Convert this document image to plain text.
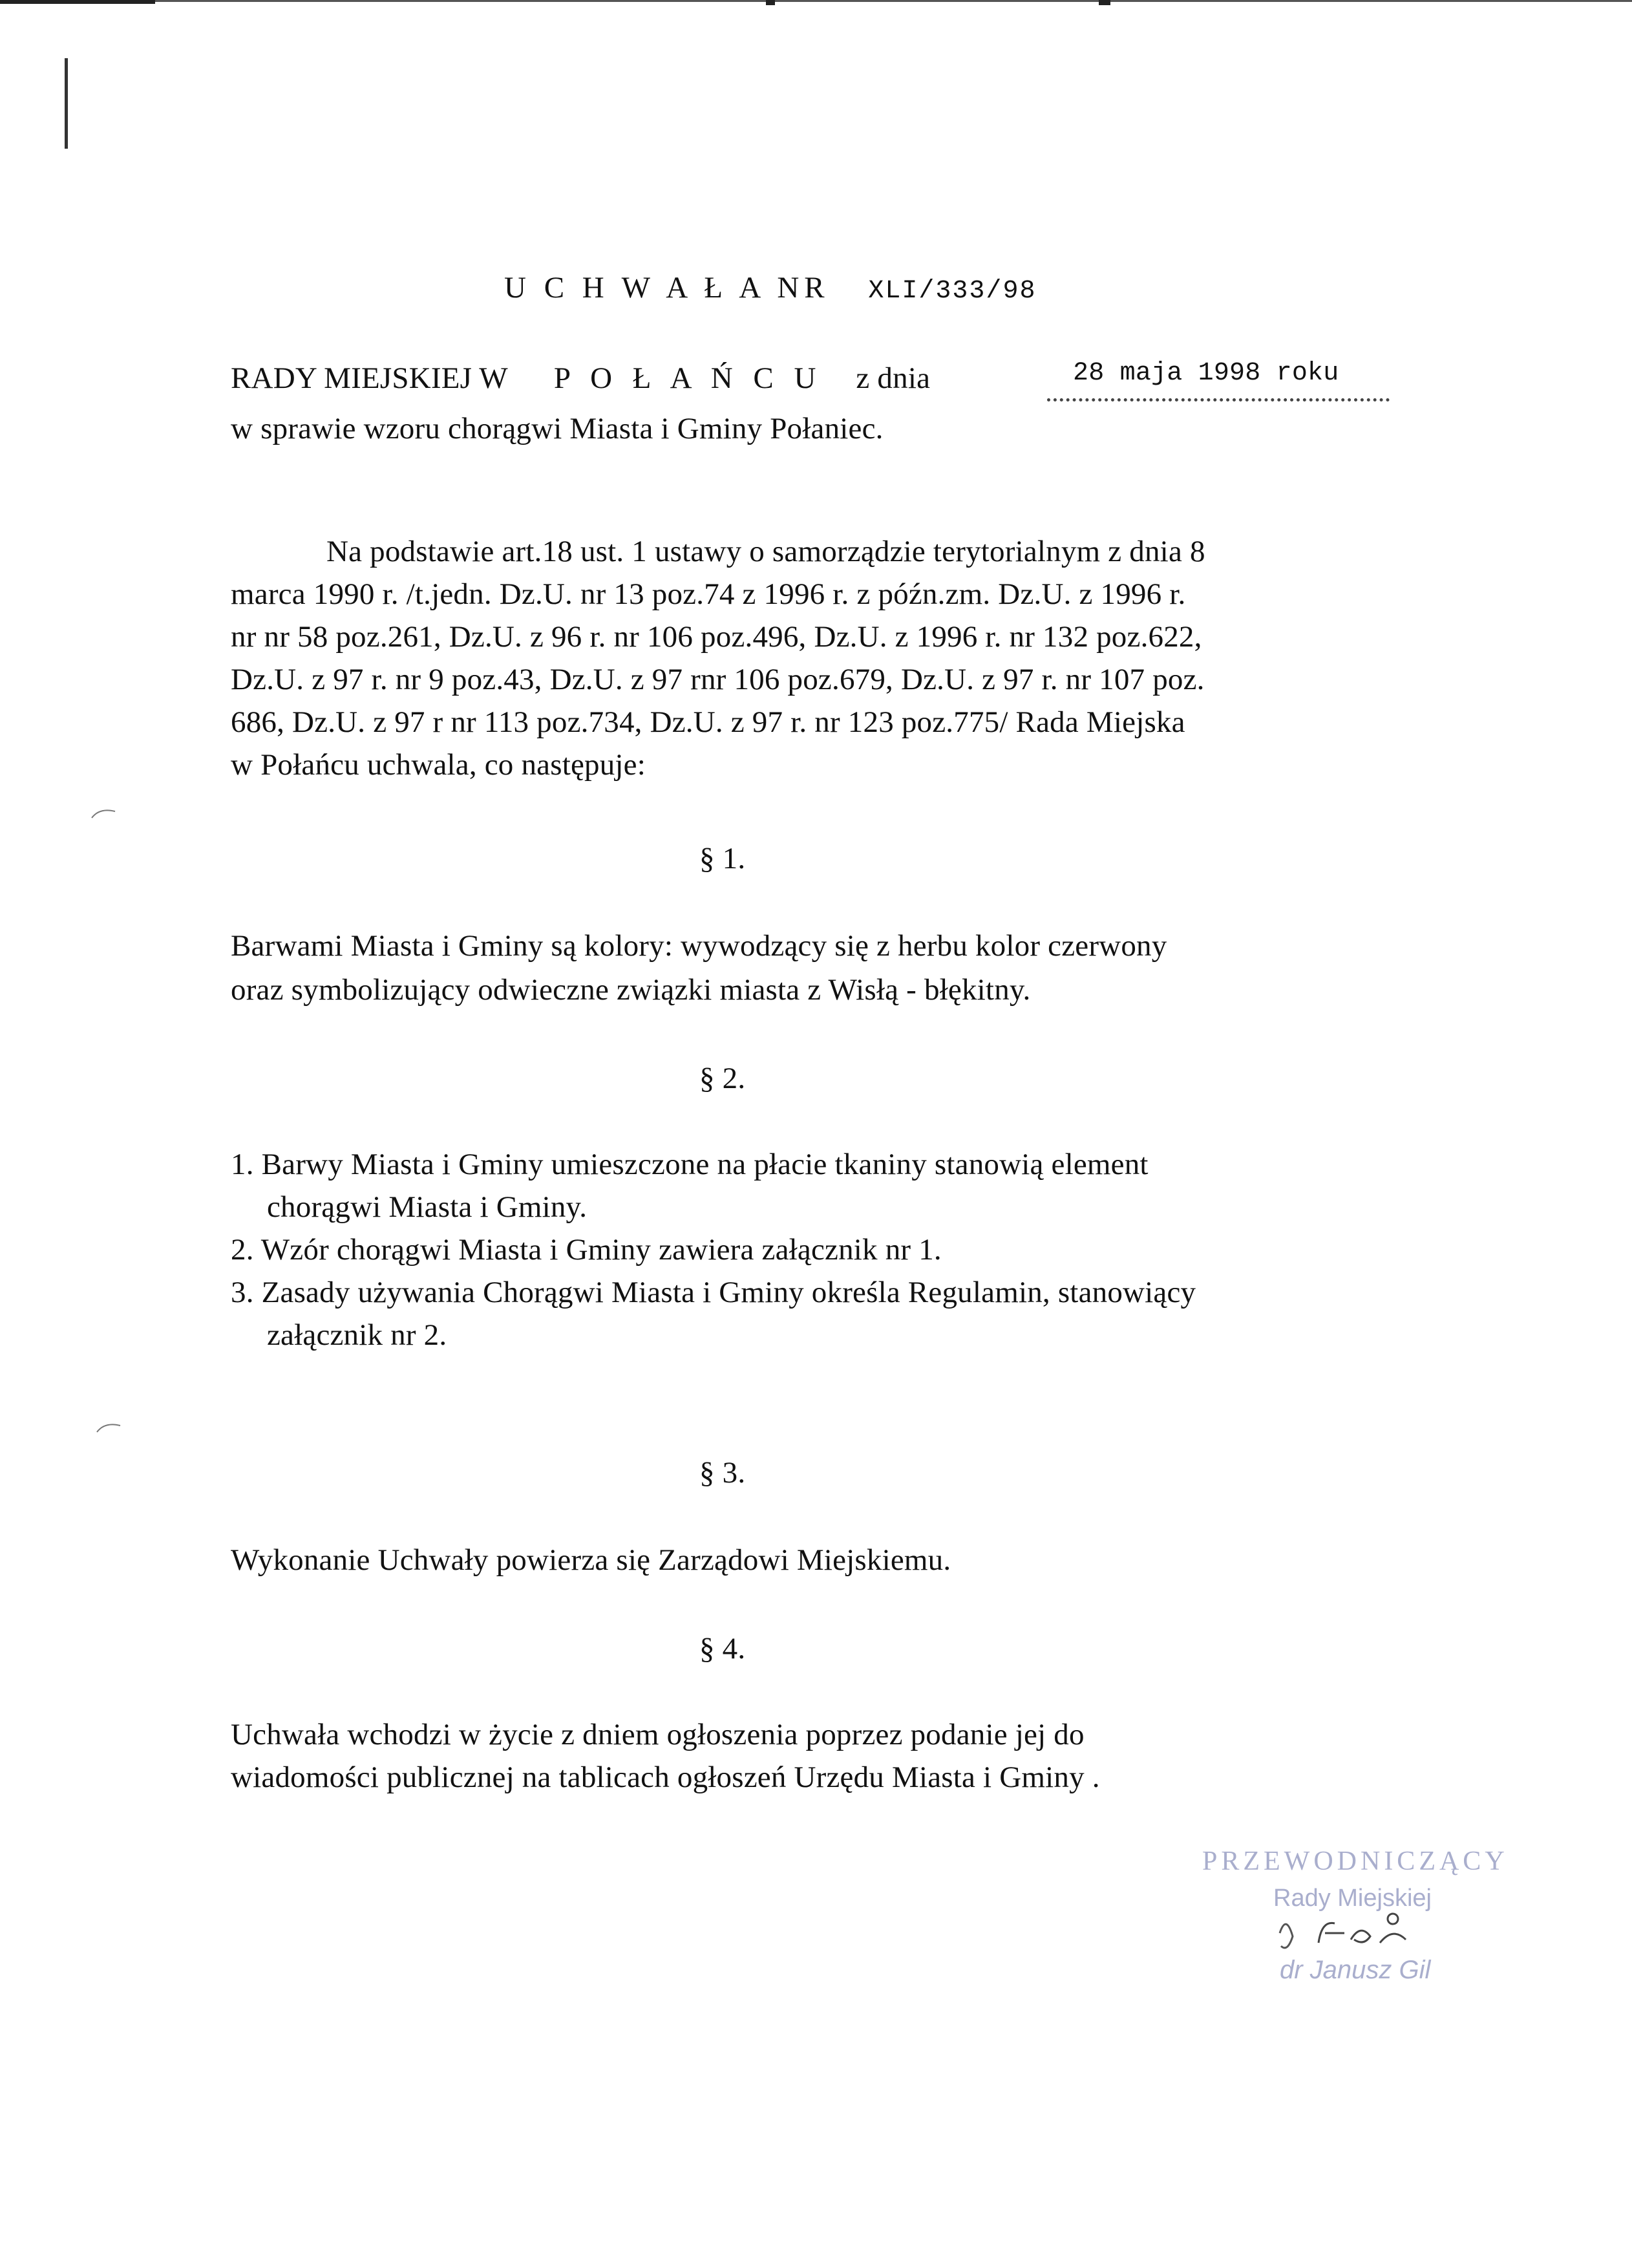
U C H W A Ł A NR XLI/333/98
RADY MIEJSKIEJ W P O Ł A Ń C U z dnia	28 maja 1998 roku
w sprawie wzoru chorągwi Miasta i Gminy Połaniec.
Na podstawie art.18 ust. 1 ustawy o samorządzie terytorialnym z dnia 8
marca 1990 r. /t.jedn. Dz.U. nr 13 poz.74 z 1996 r. z późn.zm. Dz.U. z 1996 r.
nr nr 58 poz.261, Dz.U. z 96 r. nr 106 poz.496, Dz.U. z 1996 r. nr 132 poz.622,
Dz.U. z 97 r. nr 9 poz.43, Dz.U. z 97 rnr 106 poz.679, Dz.U. z 97 r. nr 107 poz.
686, Dz.U. z 97 r nr 113 poz.734, Dz.U. z 97 r. nr 123 poz.775/ Rada Miejska
w Połańcu uchwala, co następuje:
§ 1.
Barwami Miasta i Gminy są kolory: wywodzący się z herbu kolor czerwony
oraz symbolizujący odwieczne związki miasta z Wisłą - błękitny.
§ 2.
1. Barwy Miasta i Gminy umieszczone na płacie tkaniny stanowią element
chorągwi Miasta i Gminy.
2. Wzór chorągwi Miasta i Gminy zawiera załącznik nr 1.
3. Zasady używania Chorągwi Miasta i Gminy określa Regulamin, stanowiący
załącznik nr 2.
§ 3.
Wykonanie Uchwały powierza się Zarządowi Miejskiemu.
§ 4.
Uchwała wchodzi w życie z dniem ogłoszenia poprzez podanie jej do
wiadomości publicznej na tablicach ogłoszeń Urzędu Miasta i Gminy .
PRZEWODNICZĄCY
Rady Miejskiej
dr Janusz Gil
